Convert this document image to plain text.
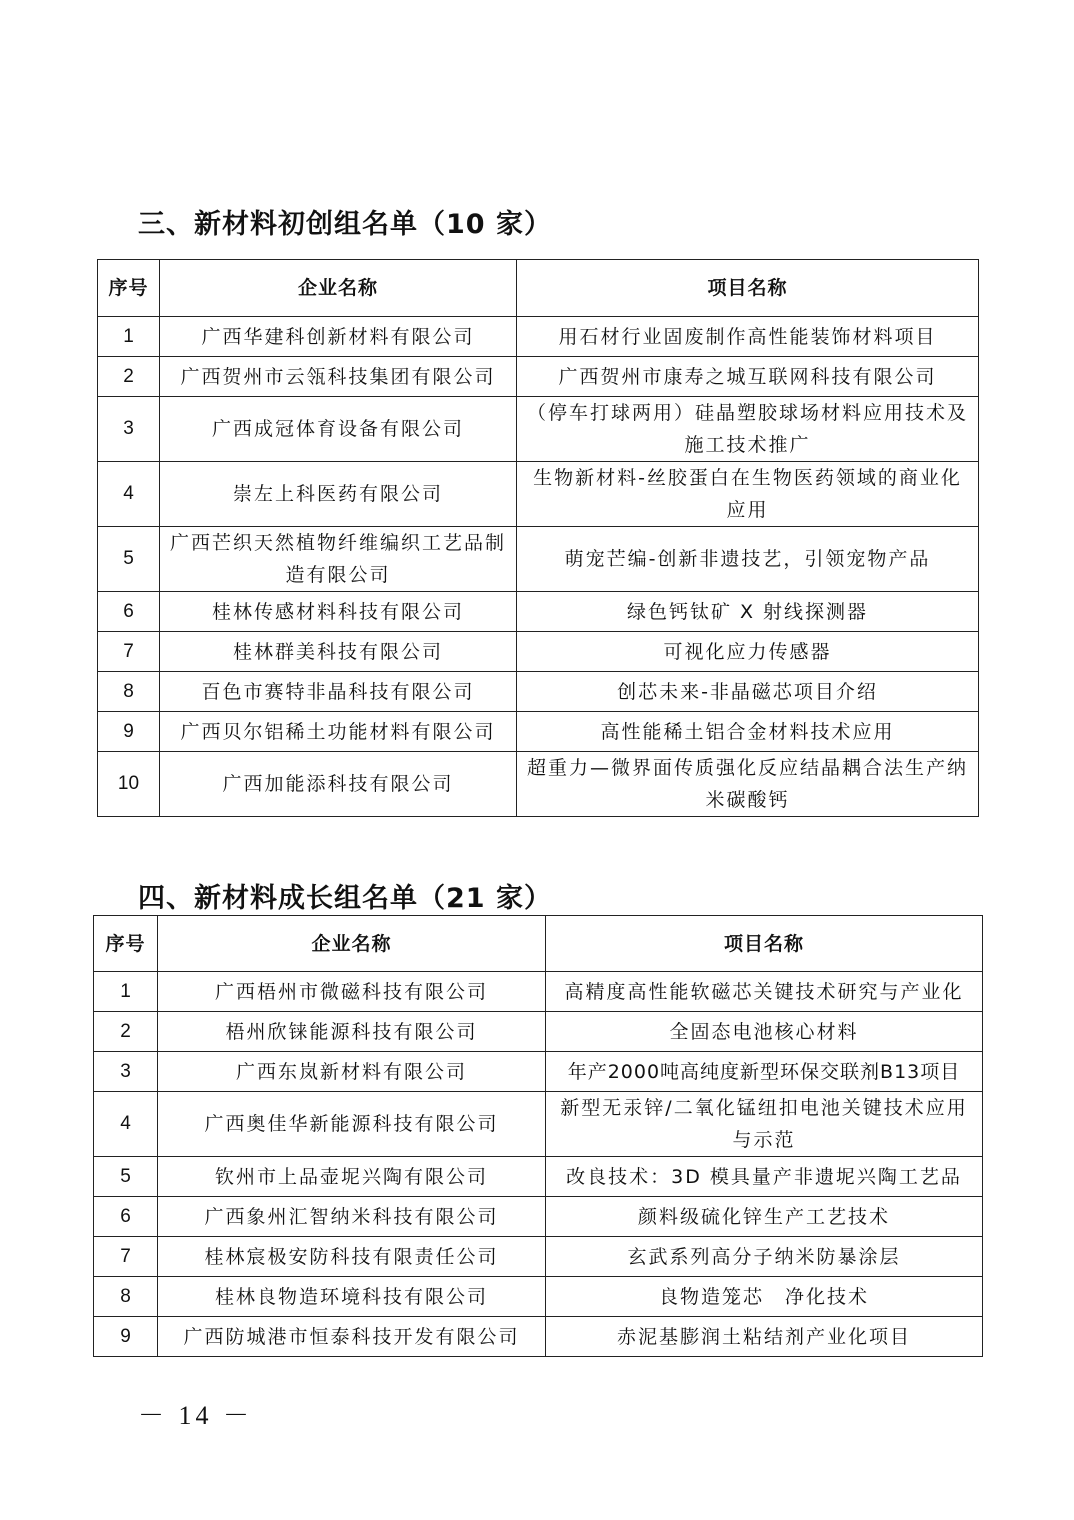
三、新材料初创组名单（10 家）
序号	企业名称	项目名称
1	广西华建科创新材料有限公司	用石材行业固废制作高性能装饰材料项目
2	广西贺州市云瓴科技集团有限公司	广西贺州市康寿之城互联网科技有限公司
3	广西成冠体育设备有限公司	（停车打球两用）硅晶塑胶球场材料应用技术及施工技术推广
4	崇左上科医药有限公司	生物新材料-丝胶蛋白在生物医药领域的商业化应用
5	广西芒织天然植物纤维编织工艺品制造有限公司	萌宠芒编-创新非遗技艺，引领宠物产品
6	桂林传感材料科技有限公司	绿色钙钛矿 X 射线探测器
7	桂林群美科技有限公司	可视化应力传感器
8	百色市赛特非晶科技有限公司	创芯未来-非晶磁芯项目介绍
9	广西贝尔铝稀土功能材料有限公司	高性能稀土铝合金材料技术应用
10	广西加能添科技有限公司	超重力—微界面传质强化反应结晶耦合法生产纳米碳酸钙
四、新材料成长组名单（21 家）
序号	企业名称	项目名称
1	广西梧州市微磁科技有限公司	高精度高性能软磁芯关键技术研究与产业化
2	梧州欣铼能源科技有限公司	全固态电池核心材料
3	广西东岚新材料有限公司	年产2000吨高纯度新型环保交联剂B13项目
4	广西奥佳华新能源科技有限公司	新型无汞锌/二氧化锰纽扣电池关键技术应用与示范
5	钦州市上品壶坭兴陶有限公司	改良技术：3D 模具量产非遗坭兴陶工艺品
6	广西象州汇智纳米科技有限公司	颜料级硫化锌生产工艺技术
7	桂林宸极安防科技有限责任公司	玄武系列高分子纳米防暴涂层
8	桂林良物造环境科技有限公司	良物造笼芯　净化技术
9	广西防城港市恒泰科技开发有限公司	赤泥基膨润土粘结剂产业化项目
－ 14 －
